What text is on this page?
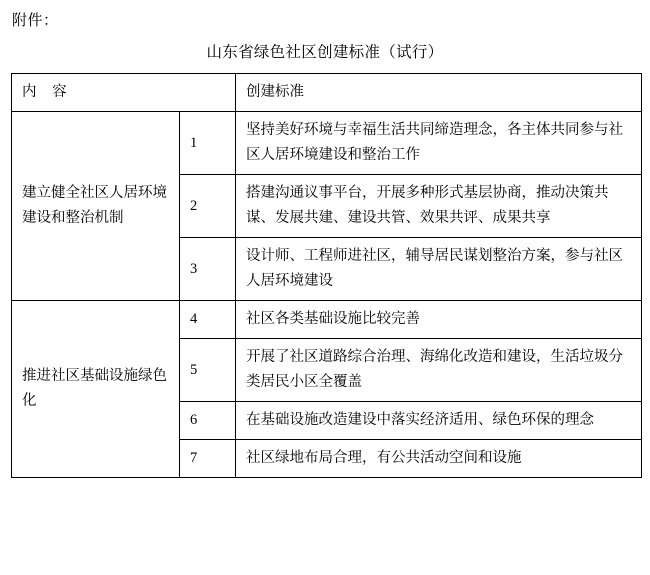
附件：
山东省绿色社区创建标准（试行）
内 容		创建标准
建立健全社区人居环境建设和整治机制	1	坚持美好环境与幸福生活共同缔造理念，各主体共同参与社区人居环境建设和整治工作
	2	搭建沟通议事平台，开展多种形式基层协商，推动决策共谋、发展共建、建设共管、效果共评、成果共享
	3	设计师、工程师进社区，辅导居民谋划整治方案，参与社区人居环境建设
推进社区基础设施绿色化	4	社区各类基础设施比较完善
	5	开展了社区道路综合治理、海绵化改造和建设，生活垃圾分类居民小区全覆盖
	6	在基础设施改造建设中落实经济适用、绿色环保的理念
	7	社区绿地布局合理，有公共活动空间和设施
